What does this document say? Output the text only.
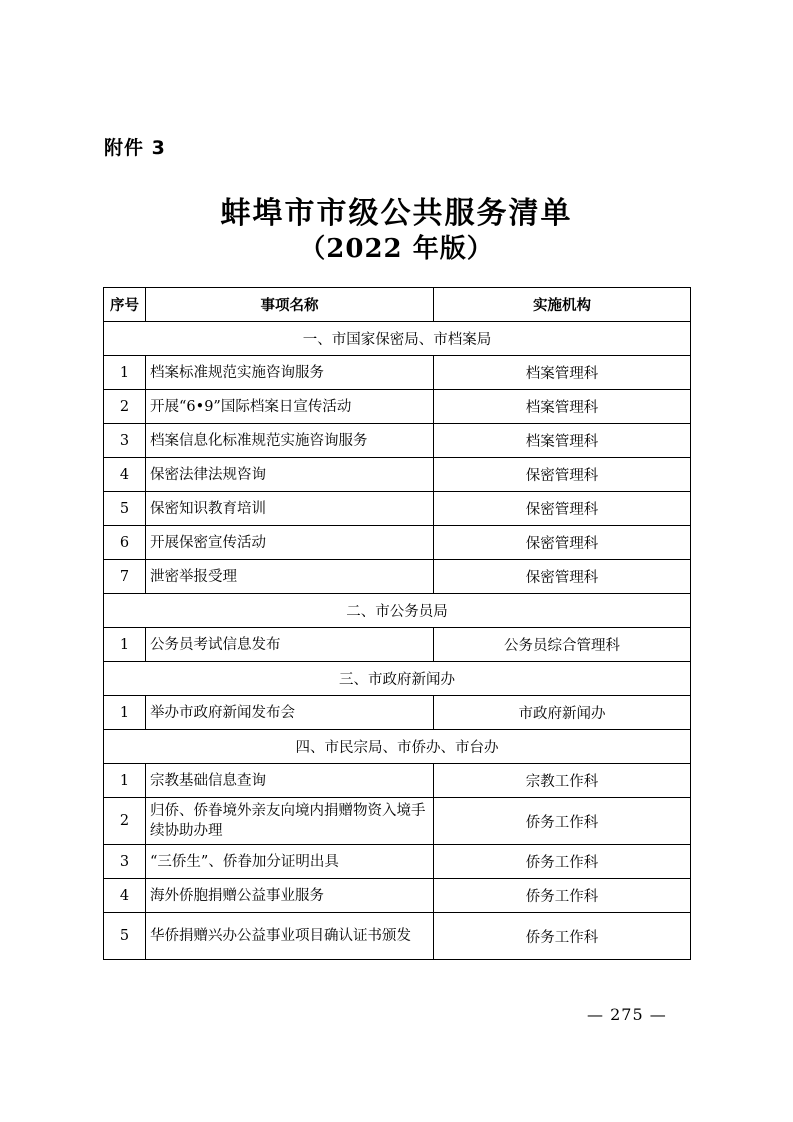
附件 3
蚌埠市市级公共服务清单
（2022 年版）
序号	事项名称	实施机构
一、市国家保密局、市档案局		
1	档案标准规范实施咨询服务	档案管理科
2	开展“6•9”国际档案日宣传活动	档案管理科
3	档案信息化标准规范实施咨询服务	档案管理科
4	保密法律法规咨询	保密管理科
5	保密知识教育培训	保密管理科
6	开展保密宣传活动	保密管理科
7	泄密举报受理	保密管理科
二、市公务员局		
1	公务员考试信息发布	公务员综合管理科
三、市政府新闻办		
1	举办市政府新闻发布会	市政府新闻办
四、市民宗局、市侨办、市台办		
1	宗教基础信息查询	宗教工作科
2	归侨、侨眷境外亲友向境内捐赠物资入境手续协助办理	侨务工作科
3	“三侨生”、侨眷加分证明出具	侨务工作科
4	海外侨胞捐赠公益事业服务	侨务工作科
5	华侨捐赠兴办公益事业项目确认证书颁发	侨务工作科
— 275 —
